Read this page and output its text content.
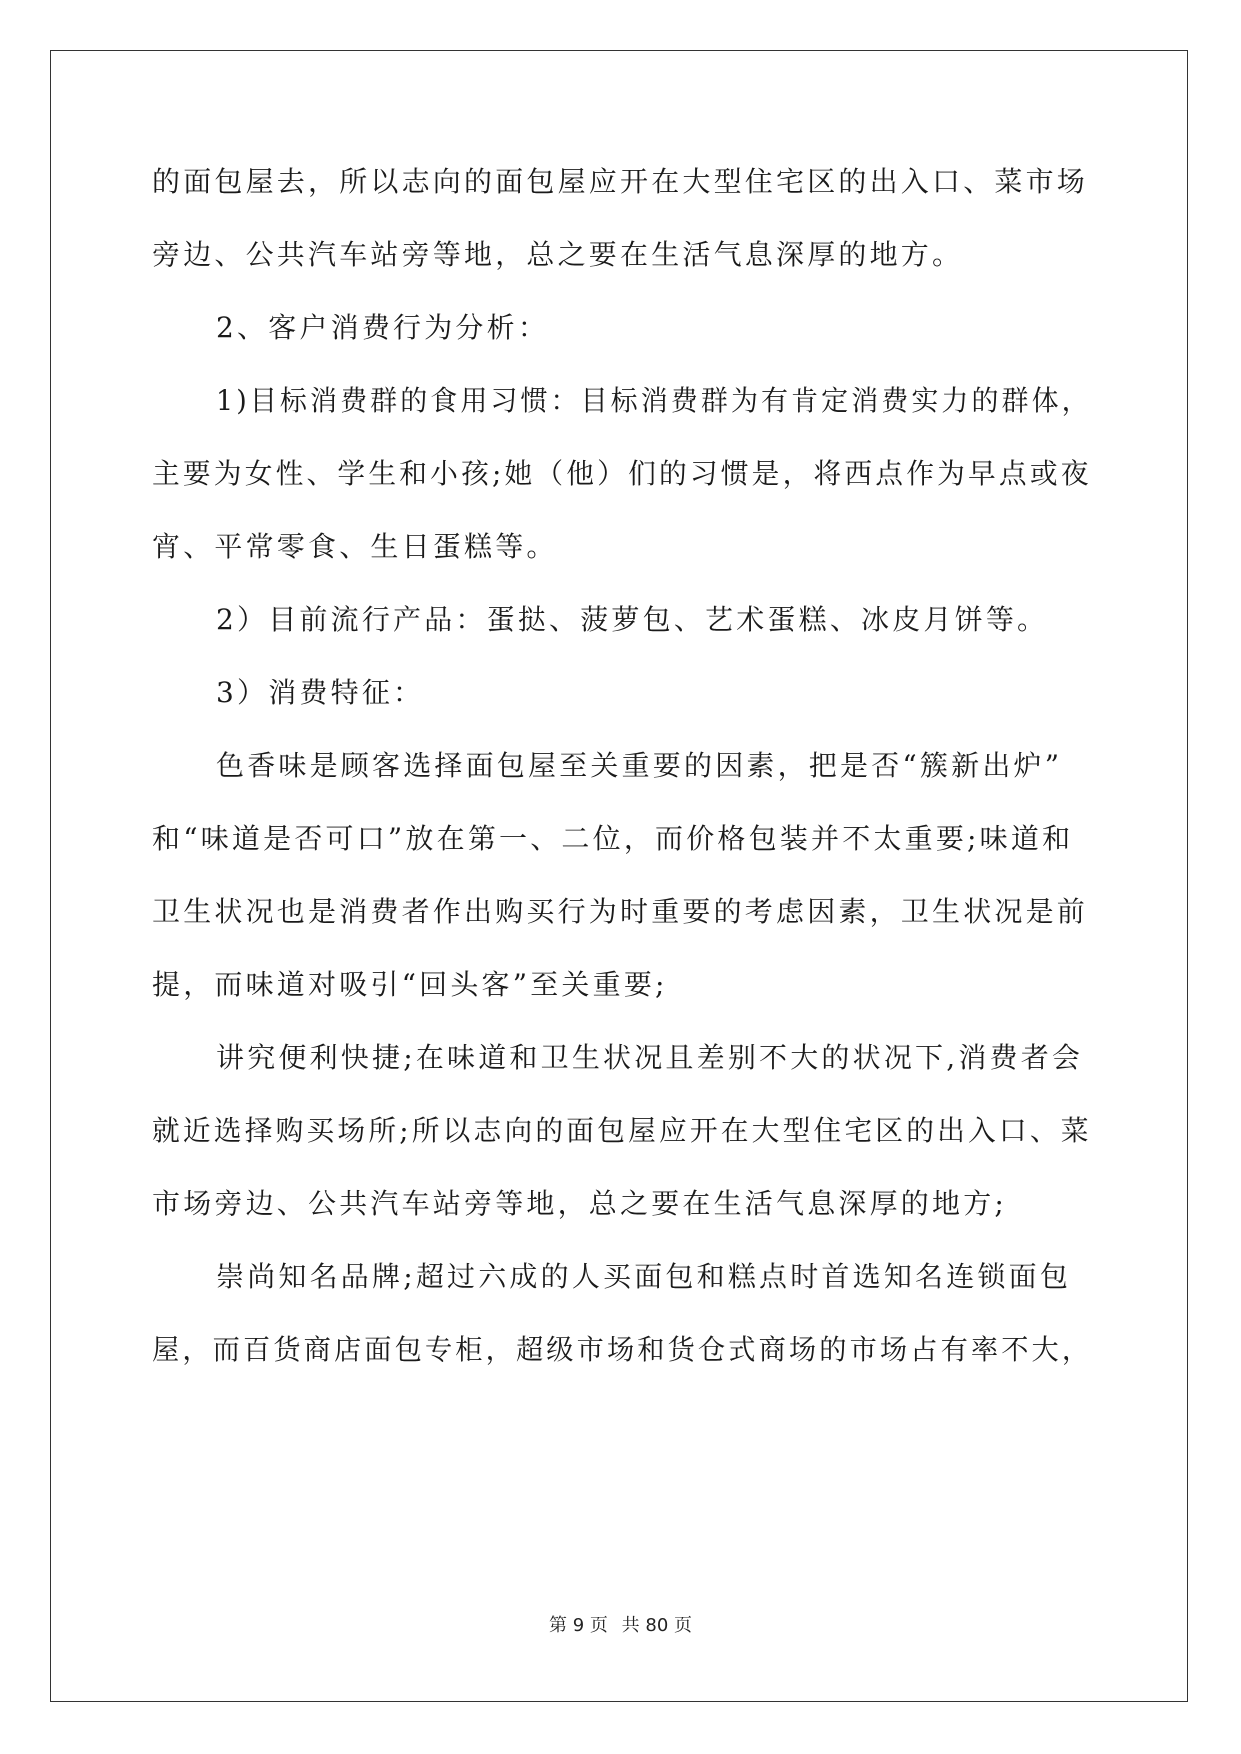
的面包屋去，所以志向的面包屋应开在大型住宅区的出入口、菜市场
旁边、公共汽车站旁等地，总之要在生活气息深厚的地方。
2、客户消费行为分析：
1)目标消费群的食用习惯：目标消费群为有肯定消费实力的群体，
主要为女性、学生和小孩;她（他）们的习惯是，将西点作为早点或夜
宵、平常零食、生日蛋糕等。
2）目前流行产品：蛋挞、菠萝包、艺术蛋糕、冰皮月饼等。
3）消费特征：
色香味是顾客选择面包屋至关重要的因素，把是否“簇新出炉”
和“味道是否可口”放在第一、二位，而价格包装并不太重要;味道和
卫生状况也是消费者作出购买行为时重要的考虑因素，卫生状况是前
提，而味道对吸引“回头客”至关重要;
讲究便利快捷;在味道和卫生状况且差别不大的状况下,消费者会
就近选择购买场所;所以志向的面包屋应开在大型住宅区的出入口、菜
市场旁边、公共汽车站旁等地，总之要在生活气息深厚的地方;
崇尚知名品牌;超过六成的人买面包和糕点时首选知名连锁面包
屋，而百货商店面包专柜，超级市场和货仓式商场的市场占有率不大，
第 9 页 共 80 页
